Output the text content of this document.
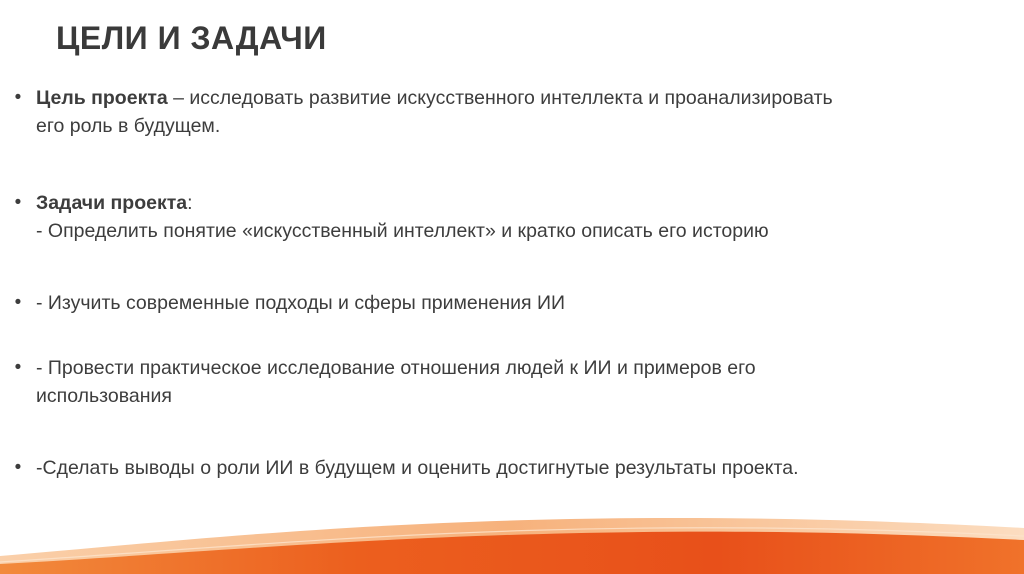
ЦЕЛИ И ЗАДАЧИ
• Цель проекта – исследовать развитие искусственного интеллекта и проанализировать
его роль в будущем.
• Задачи проекта:
- Определить понятие «искусственный интеллект» и кратко описать его историю
• - Изучить современные подходы и сферы применения ИИ
• - Провести практическое исследование отношения людей к ИИ и примеров его
использования
• -Сделать выводы о роли ИИ в будущем и оценить достигнутые результаты проекта.
